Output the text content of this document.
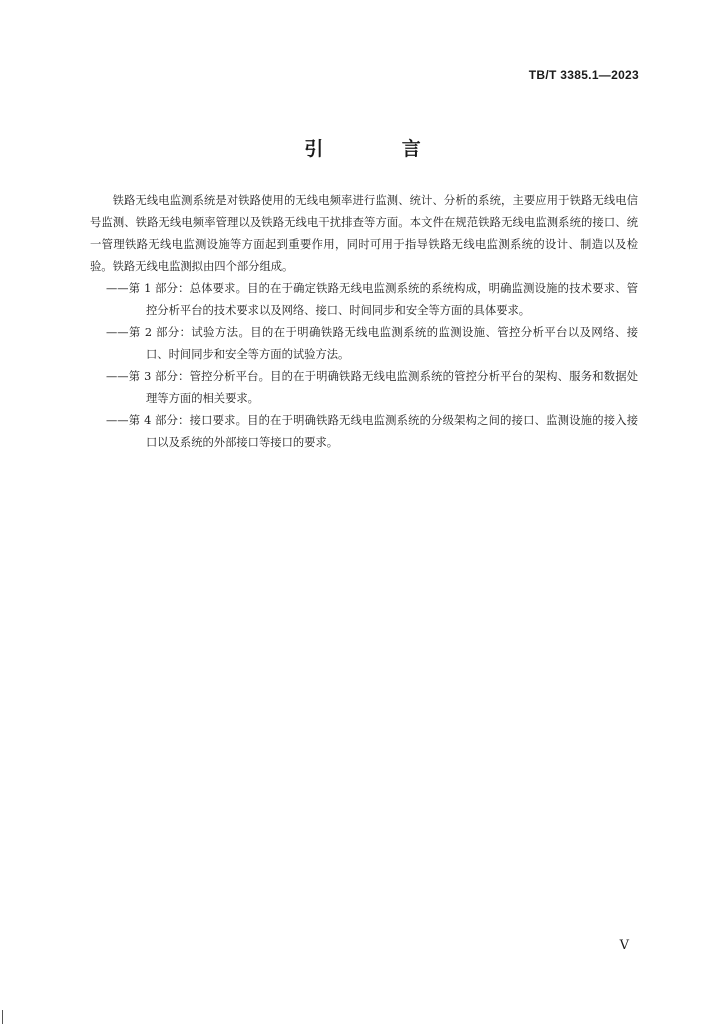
TB/T 3385.1—2023
引 言

铁路无线电监测系统是对铁路使用的无线电频率进行监测、统计、分析的系统，主要应用于铁路无线电信号监测、铁路无线电频率管理以及铁路无线电干扰排查等方面。本文件在规范铁路无线电监测系统的接口、统一管理铁路无线电监测设施等方面起到重要作用，同时可用于指导铁路无线电监测系统的设计、制造以及检验。铁路无线电监测拟由四个部分组成。

——第 1 部分：总体要求。目的在于确定铁路无线电监测系统的系统构成，明确监测设施的技术要求、管控分析平台的技术要求以及网络、接口、时间同步和安全等方面的具体要求。

——第 2 部分：试验方法。目的在于明确铁路无线电监测系统的监测设施、管控分析平台以及网络、接口、时间同步和安全等方面的试验方法。

——第 3 部分：管控分析平台。目的在于明确铁路无线电监测系统的管控分析平台的架构、服务和数据处理等方面的相关要求。

——第 4 部分：接口要求。目的在于明确铁路无线电监测系统的分级架构之间的接口、监测设施的接入接口以及系统的外部接口等接口的要求。

V
